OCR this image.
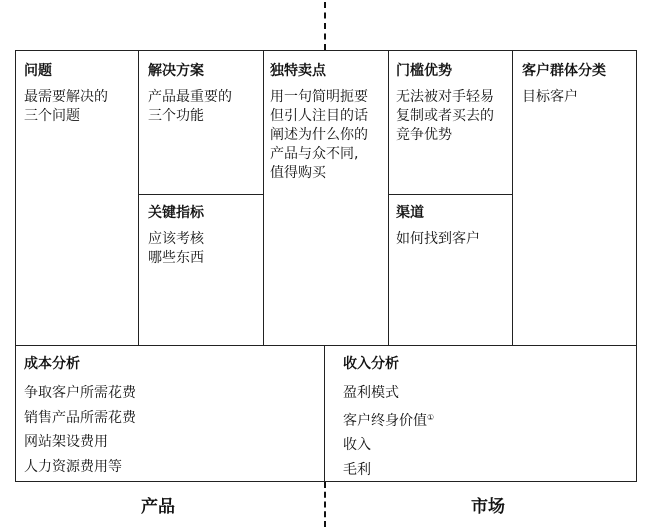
问题
最需要解决的
三个问题
解决方案
产品最重要的
三个功能
关键指标
应该考核
哪些东西
独特卖点
用一句简明扼要
但引人注目的话
阐述为什么你的
产品与众不同,
值得购买
门槛优势
无法被对手轻易
复制或者买去的
竞争优势
渠道
如何找到客户
客户群体分类
目标客户
成本分析
争取客户所需花费
销售产品所需花费
网站架设费用
人力资源费用等
收入分析
盈利模式
客户终身价值①
收入
毛利
产品	市场
